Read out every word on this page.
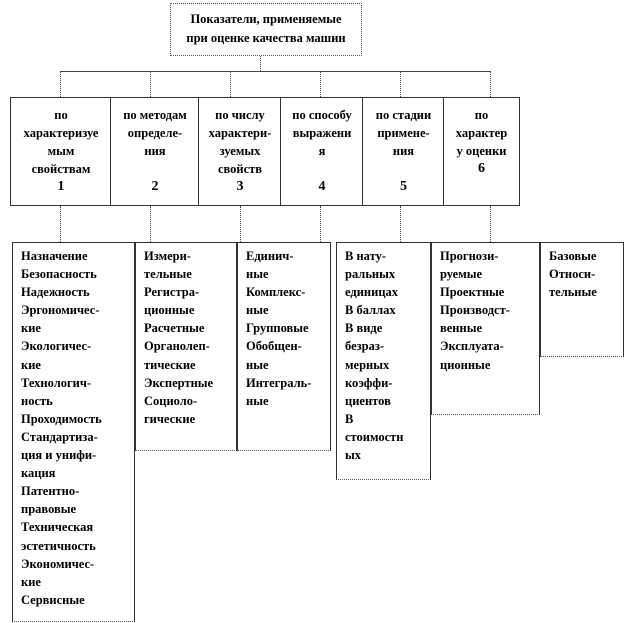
Показатели, применяемые
при оценке качества машин
по
характеризуе
мым
свойствам
1
Назначение
Безопасность
Надежность
Эргономичес-
кие
Экологичес-
кие
Технологич-
ность
Проходимость
Стандартиза-
ция и унифи-
кация
Патентно-
правовые
Техническая
эстетичность
Экономичес-
кие
Сервисные
по методам
определе-
ния

2
Измери-
тельные
Регистра-
ционные
Расчетные
Органолеп-
тические
Экспертные
Социоло-
гические
по числу
характери-
зуемых
свойств
3
Единич-
ные
Комплекс-
ные
Групповые
Обобщен-
ные
Интеграль-
ные
по способу
выражени
я

4
В нату-
ральных
единицах
В баллах
В виде
безраз-
мерных
коэффи-
циентов
В
стоимостн
ых
по стадии
примене-
ния

5
Прогнози-
руемые
Проектные
Производст-
венные
Эксплуата-
ционные
по
характер
у оценки
6
Базовые
Относи-
тельные
